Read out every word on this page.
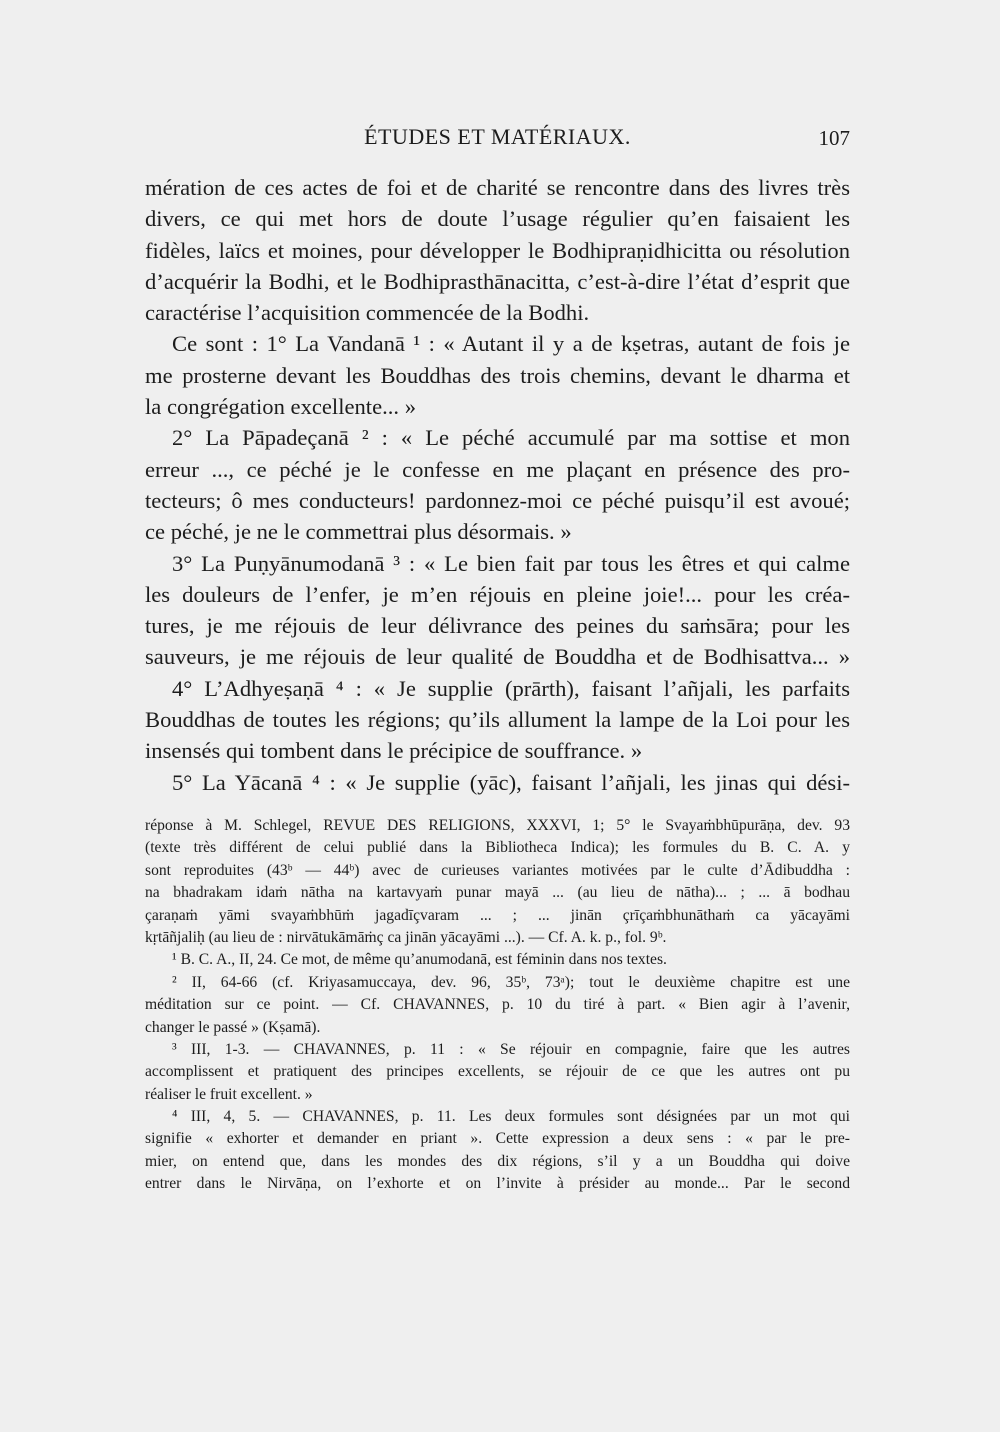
ÉTUDES ET MATÉRIAUX.	107
mération de ces actes de foi et de charité se rencontre dans des livres très
divers, ce qui met hors de doute l’usage régulier qu’en faisaient les
fidèles, laïcs et moines, pour développer le Bodhipraṇidhicitta ou résolution
d’acquérir la Bodhi, et le Bodhiprasthānacitta, c’est-à-dire l’état d’esprit que
caractérise l’acquisition commencée de la Bodhi.
Ce sont : 1° La Vandanā ¹ : « Autant il y a de kṣetras, autant de fois je
me prosterne devant les Bouddhas des trois chemins, devant le dharma et
la congrégation excellente... »
2° La Pāpadeçanā ² : « Le péché accumulé par ma sottise et mon
erreur ..., ce péché je le confesse en me plaçant en présence des pro-
tecteurs; ô mes conducteurs! pardonnez-moi ce péché puisqu’il est avoué;
ce péché, je ne le commettrai plus désormais. »
3° La Puṇyānumodanā ³ : « Le bien fait par tous les êtres et qui calme
les douleurs de l’enfer, je m’en réjouis en pleine joie!... pour les créa-
tures, je me réjouis de leur délivrance des peines du saṁsāra; pour les
sauveurs, je me réjouis de leur qualité de Bouddha et de Bodhisattva... »
4° L’Adhyeṣaṇā ⁴ : « Je supplie (prārth), faisant l’añjali, les parfaits
Bouddhas de toutes les régions; qu’ils allument la lampe de la Loi pour les
insensés qui tombent dans le précipice de souffrance. »
5° La Yācanā ⁴ : « Je supplie (yāc), faisant l’añjali, les jinas qui dési-
réponse à M. Schlegel, REVUE DES RELIGIONS, XXXVI, 1; 5° le Svayaṁbhūpurāṇa, dev. 93
(texte très différent de celui publié dans la Bibliotheca Indica); les formules du B. C. A. y
sont reproduites (43ᵇ — 44ᵇ) avec de curieuses variantes motivées par le culte d’Ādibuddha :
na bhadrakam idaṁ nātha na kartavyaṁ punar mayā ... (au lieu de nātha)... ; ... ā bodhau
çaraṇaṁ yāmi svayaṁbhūṁ jagadīçvaram ... ; ... jinān çrīçaṁbhunāthaṁ ca yācayāmi
kṛtāñjaliḥ (au lieu de : nirvātukāmāṁç ca jinān yācayāmi ...). — Cf. A. k. p., fol. 9ᵇ.
¹ B. C. A., II, 24. Ce mot, de même qu’anumodanā, est féminin dans nos textes.
² II, 64-66 (cf. Kriyasamuccaya, dev. 96, 35ᵇ, 73ᵃ); tout le deuxième chapitre est une
méditation sur ce point. — Cf. CHAVANNES, p. 10 du tiré à part. « Bien agir à l’avenir,
changer le passé » (Kṣamā).
³ III, 1-3. — CHAVANNES, p. 11 : « Se réjouir en compagnie, faire que les autres
accomplissent et pratiquent des principes excellents, se réjouir de ce que les autres ont pu
réaliser le fruit excellent. »
⁴ III, 4, 5. — CHAVANNES, p. 11. Les deux formules sont désignées par un mot qui
signifie « exhorter et demander en priant ». Cette expression a deux sens : « par le pre-
mier, on entend que, dans les mondes des dix régions, s’il y a un Bouddha qui doive
entrer dans le Nirvāṇa, on l’exhorte et on l’invite à présider au monde... Par le second
